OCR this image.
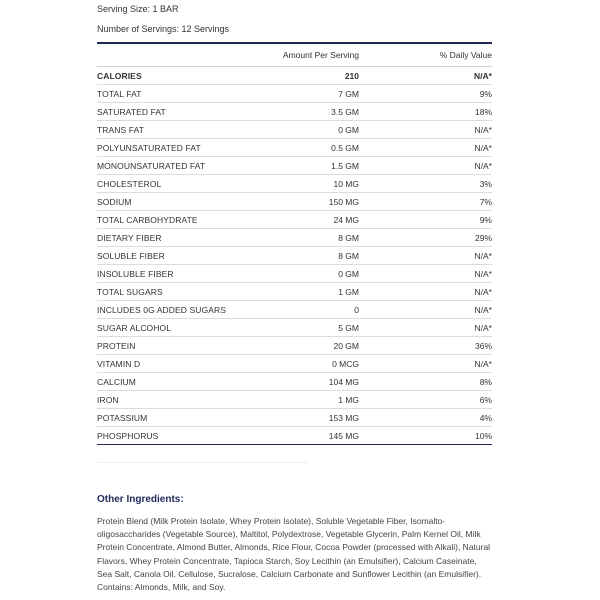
Serving Size: 1 BAR
Number of Servings: 12 Servings
	Amount Per Serving	% Daily Value
CALORIES	210	N/A*
TOTAL FAT	7 GM	9%
SATURATED FAT	3.5 GM	18%
TRANS FAT	0 GM	N/A*
POLYUNSATURATED FAT	0.5 GM	N/A*
MONOUNSATURATED FAT	1.5 GM	N/A*
CHOLESTEROL	10 MG	3%
SODIUM	150 MG	7%
TOTAL CARBOHYDRATE	24 MG	9%
DIETARY FIBER	8 GM	29%
SOLUBLE FIBER	8 GM	N/A*
INSOLUBLE FIBER	0 GM	N/A*
TOTAL SUGARS	1 GM	N/A*
INCLUDES 0G ADDED SUGARS	0	N/A*
SUGAR ALCOHOL	5 GM	N/A*
PROTEIN	20 GM	36%
VITAMIN D	0 MCG	N/A*
CALCIUM	104 MG	8%
IRON	1 MG	6%
POTASSIUM	153 MG	4%
PHOSPHORUS	145 MG	10%
Other Ingredients:
Protein Blend (Milk Protein Isolate, Whey Protein Isolate), Soluble Vegetable Fiber, Isomalto-oligosaccharides (Vegetable Source), Maltitol, Polydextrose, Vegetable Glycerin, Palm Kernel Oil, Milk Protein Concentrate, Almond Butter, Almonds, Rice Flour, Cocoa Powder (processed with Alkali), Natural Flavors, Whey Protein Concentrate, Tapioca Starch, Soy Lecithin (an Emulsifier), Calcium Caseinate, Sea Salt, Canola Oil, Cellulose, Sucralose, Calcium Carbonate and Sunflower Lecithin (an Emulsifier). Contains: Almonds, Milk, and Soy.
